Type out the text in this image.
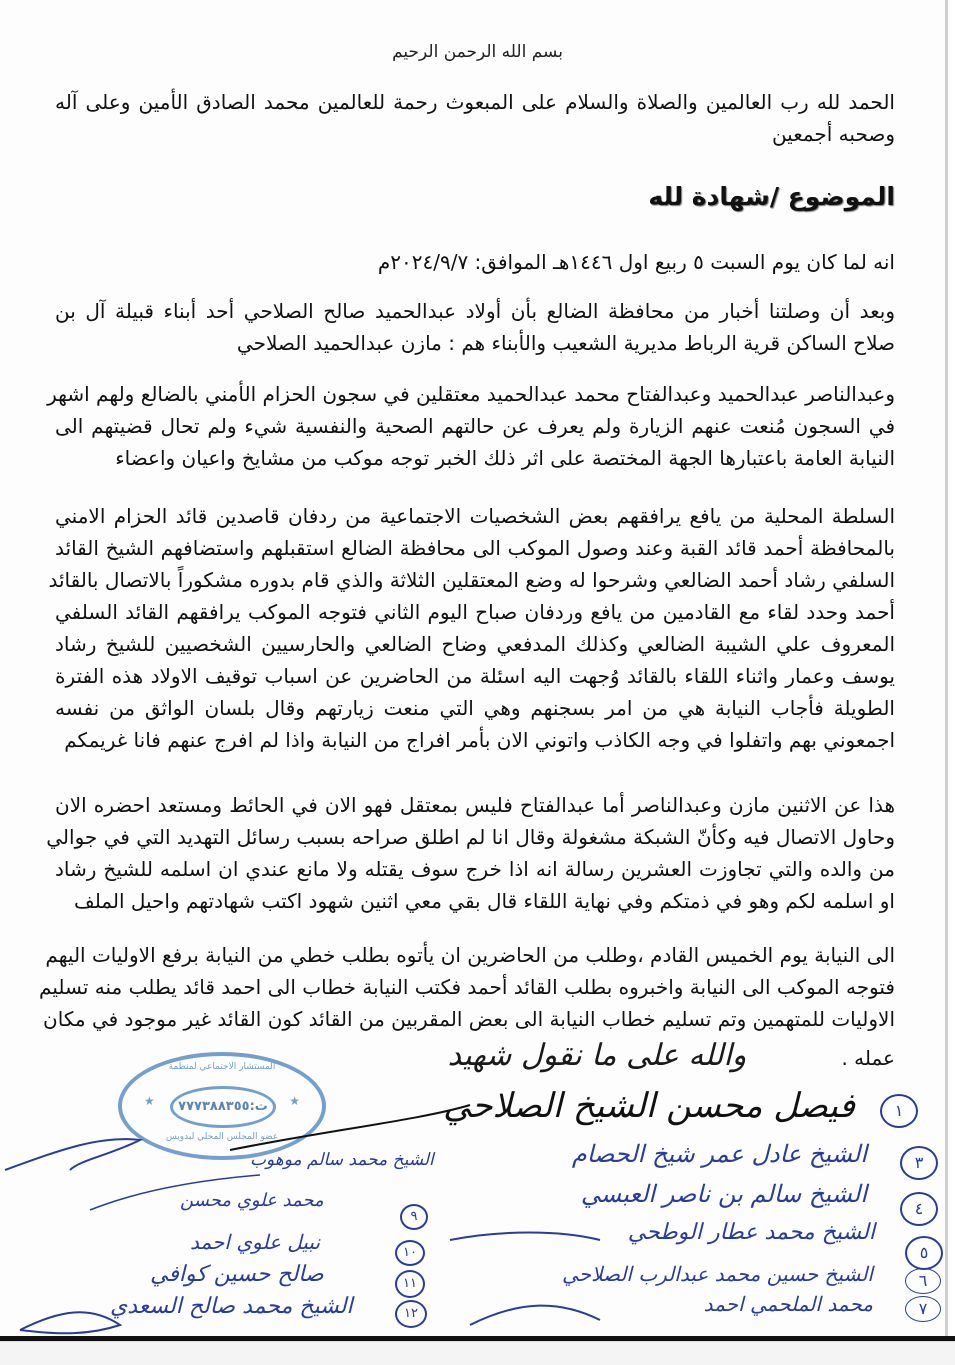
بسم الله الرحمن الرحيم
الحمد لله رب العالمين والصلاة والسلام على المبعوث رحمة للعالمين محمد الصادق الأمين وعلى آله
وصحبه أجمعين
الموضوع /شهادة لله
انه لما كان يوم السبت ٥ ربيع اول ١٤٤٦هـ الموافق: ٢٠٢٤/٩/٧م
وبعد أن وصلتنا أخبار من محافظة الضالع بأن أولاد عبدالحميد صالح الصلاحي أحد أبناء قبيلة آل بن
صلاح الساكن قرية الرباط مديرية الشعيب والأبناء هم : مازن عبدالحميد الصلاحي
وعبدالناصر عبدالحميد وعبدالفتاح محمد عبدالحميد معتقلين في سجون الحزام الأمني بالضالع ولهم اشهر
في السجون مُنعت عنهم الزيارة ولم يعرف عن حالتهم الصحية والنفسية شيء ولم تحال قضيتهم الى
النيابة العامة باعتبارها الجهة المختصة على اثر ذلك الخبر توجه موكب من مشايخ واعيان واعضاء
السلطة المحلية من يافع يرافقهم بعض الشخصيات الاجتماعية من ردفان قاصدين قائد الحزام الامني
بالمحافظة أحمد قائد القبة وعند وصول الموكب الى محافظة الضالع استقبلهم واستضافهم الشيخ القائد
السلفي رشاد أحمد الضالعي وشرحوا له وضع المعتقلين الثلاثة والذي قام بدوره مشكوراً بالاتصال بالقائد
أحمد وحدد لقاء مع القادمين من يافع وردفان صباح اليوم الثاني فتوجه الموكب يرافقهم القائد السلفي
المعروف علي الشيبة الضالعي وكذلك المدفعي وضاح الضالعي والحارسيين الشخصيين للشيخ رشاد
يوسف وعمار واثناء اللقاء بالقائد وُجهت اليه اسئلة من الحاضرين عن اسباب توقيف الاولاد هذه الفترة
الطويلة فأجاب النيابة هي من امر بسجنهم وهي التي منعت زيارتهم وقال بلسان الواثق من نفسه
اجمعوني بهم واتفلوا في وجه الكاذب واتوني الان بأمر افراج من النيابة واذا لم افرج عنهم فانا غريمكم
هذا عن الاثنين مازن وعبدالناصر أما عبدالفتاح فليس بمعتقل فهو الان في الحائط ومستعد احضره الان
وحاول الاتصال فيه وكأنّ الشبكة مشغولة وقال انا لم اطلق صراحه بسبب رسائل التهديد التي في جوالي
من والده والتي تجاوزت العشرين رسالة انه اذا خرج سوف يقتله ولا مانع عندي ان اسلمه للشيخ رشاد
او اسلمه لكم وهو في ذمتكم وفي نهاية اللقاء قال بقي معي اثنين شهود اكتب شهادتهم واحيل الملف
الى النيابة يوم الخميس القادم ،وطلب من الحاضرين ان يأتوه بطلب خطي من النيابة برفع الاوليات اليهم
فتوجه الموكب الى النيابة واخبروه بطلب القائد أحمد فكتب النيابة خطاب الى احمد قائد يطلب منه تسليم
الاوليات للمتهمين وتم تسليم خطاب النيابة الى بعض المقربين من القائد كون القائد غير موجود في مكان
عمله . والله على ما نقول شهيد
المستشار الاجتماعي لمنظمة
★	ت:٧٧٧٣٨٨٣٥٥	★
عضو المجلس المحلي لبدويس
١
فيصل محسن الشيخ الصلاحي
٣
الشيخ عادل عمر شيخ الحصام
٤
الشيخ سالم بن ناصر العبسي
٥
الشيخ محمد عطار الوطحي
٦
الشيخ حسين محمد عبدالرب الصلاحي
٧
محمد الملحمي احمد
الشيخ محمد سالم موهوب
٩
محمد علوي محسن
١٠
نبيل علوي احمد
١١
صالح حسين كوافي
١٢
الشيخ محمد صالح السعدي
